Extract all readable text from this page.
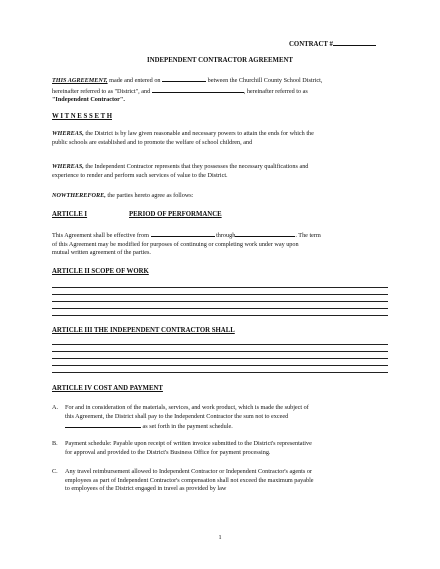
CONTRACT #
INDEPENDENT CONTRACTOR AGREEMENT
THIS AGREEMENT, made and entered on	between the Churchill County School District,
hereinafter referred to as "District", and	, hereinafter referred to as
"Independent Contractor".
W I T N E S S E T H
WHEREAS, the District is by law given reasonable and necessary powers to attain the ends for which the
public schools are established and to promote the welfare of school children, and
WHEREAS, the Independent Contractor represents that they possesses the necessary qualifications and
experience to render and perform such services of value to the District.
NOWTHEREFORE, the parties hereto agree as follows:
ARTICLE I	PERIOD OF PERFORMANCE
This Agreement shall be effective from	through	. The term
of this Agreement may be modified for purposes of continuing or completing work under way upon
mutual written agreement of the parties.
ARTICLE II SCOPE OF WORK
ARTICLE III THE INDEPENDENT CONTRACTOR SHALL
ARTICLE IV COST AND PAYMENT
A. For and in consideration of the materials, services, and work product, which is made the subject of
this Agreement, the District shall pay to the Independent Contractor the sum not to exceed
as set forth in the payment schedule.
B. Payment schedule: Payable upon receipt of written invoice submitted to the District's representative
for approval and provided to the District's Business Office for payment processing.
C. Any travel reimbursement allowed to Independent Contractor or Independent Contractor's agents or
employees as part of Independent Contractor's compensation shall not exceed the maximum payable
to employees of the District engaged in travel as provided by law
1
